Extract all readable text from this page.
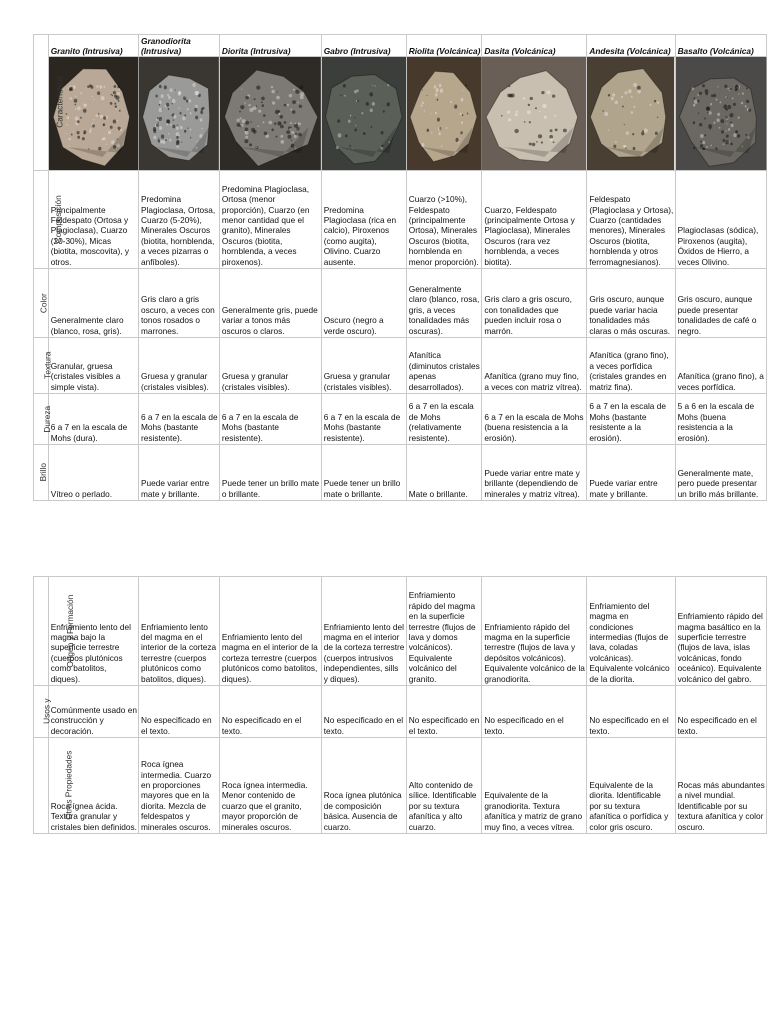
Característica	Granito (Intrusiva)	Granodiorita (Intrusiva)	Diorita (Intrusiva)	Gabro (Intrusiva)	Riolita (Volcánica)	Dasita (Volcánica)	Andesita (Volcánica)	Basalto (Volcánica)

Composición	Principalmente Feldespato (Ortosa y Plagioclasa), Cuarzo (20-30%), Micas (biotita, moscovita), y otros.	Predomina Plagioclasa, Ortosa, Cuarzo (5-20%), Minerales Oscuros (biotita, hornblenda, a veces pizarras o anfíboles).	Predomina Plagioclasa, Ortosa (menor proporción), Cuarzo (en menor cantidad que el granito), Minerales Oscuros (biotita, hornblenda, a veces piroxenos).	Predomina Plagioclasa (rica en calcio), Piroxenos (como augita), Olivino. Cuarzo ausente.	Cuarzo (>10%), Feldespato (principalmente Ortosa), Minerales Oscuros (biotita, hornblenda en menor proporción).	Cuarzo, Feldespato (principalmente Ortosa y Plagioclasa), Minerales Oscuros (rara vez hornblenda, a veces biotita).	Feldespato (Plagioclasa y Ortosa), Cuarzo (cantidades menores), Minerales Oscuros (biotita, hornblenda y otros ferromagnesianos).	Plagioclasas (sódica), Piroxenos (augita), Óxidos de Hierro, a veces Olivino.
Color	Generalmente claro (blanco, rosa, gris).	Gris claro a gris oscuro, a veces con tonos rosados o marrones.	Generalmente gris, puede variar a tonos más oscuros o claros.	Oscuro (negro a verde oscuro).	Generalmente claro (blanco, rosa, gris, a veces tonalidades más oscuras).	Gris claro a gris oscuro, con tonalidades que pueden incluir rosa o marrón.	Gris oscuro, aunque puede variar hacia tonalidades más claras o más oscuras.	Gris oscuro, aunque puede presentar tonalidades de café o negro.
Textura	Granular, gruesa (cristales visibles a simple vista).	Gruesa y granular (cristales visibles).	Gruesa y granular (cristales visibles).	Gruesa y granular (cristales visibles).	Afanítica (diminutos cristales apenas desarrollados).	Afanítica (grano muy fino, a veces con matriz vítrea).	Afanítica (grano fino), a veces porfídica (cristales grandes en matriz fina).	Afanítica (grano fino), a veces porfídica.
Dureza	6 a 7 en la escala de Mohs (dura).	6 a 7 en la escala de Mohs (bastante resistente).	6 a 7 en la escala de Mohs (bastante resistente).	6 a 7 en la escala de Mohs (bastante resistente).	6 a 7 en la escala de Mohs (relativamente resistente).	6 a 7 en la escala de Mohs (buena resistencia a la erosión).	6 a 7 en la escala de Mohs (bastante resistente a la erosión).	5 a 6 en la escala de Mohs (buena resistencia a la erosión).
Brillo	Vítreo o perlado.	Puede variar entre mate y brillante.	Puede tener un brillo mate o brillante.	Puede tener un brillo mate o brillante.	Mate o brillante.	Puede variar entre mate y brillante (dependiendo de minerales y matriz vítrea).	Puede variar entre mate y brillante.	Generalmente mate, pero puede presentar un brillo más brillante.
Origen y Formación	Enfriamiento lento del magma bajo la superficie terrestre (cuerpos plutónicos como batolitos, diques).	Enfriamiento lento del magma en el interior de la corteza terrestre (cuerpos plutónicos como batolitos, diques).	Enfriamiento lento del magma en el interior de la corteza terrestre (cuerpos plutónicos como batolitos, diques).	Enfriamiento lento del magma en el interior de la corteza terrestre (cuerpos intrusivos independientes, sills y diques).	Enfriamiento rápido del magma en la superficie terrestre (flujos de lava y domos volcánicos). Equivalente volcánico del granito.	Enfriamiento rápido del magma en la superficie terrestre (flujos de lava y depósitos volcánicos). Equivalente volcánico de la granodiorita.	Enfriamiento del magma en condiciones intermedias (flujos de lava, coladas volcánicas). Equivalente volcánico de la diorita.	Enfriamiento rápido del magma basáltico en la superficie terrestre (flujos de lava, islas volcánicas, fondo oceánico). Equivalente volcánico del gabro.
Usos y	Comúnmente usado en construcción y decoración.	No especificado en el texto.	No especificado en el texto.	No especificado en el texto.	No especificado en el texto.	No especificado en el texto.	No especificado en el texto.	No especificado en el texto.
Otras Propiedades	Roca ígnea ácida. Textura granular y cristales bien definidos.	Roca ígnea intermedia. Cuarzo en proporciones mayores que en la diorita. Mezcla de feldespatos y minerales oscuros.	Roca ígnea intermedia. Menor contenido de cuarzo que el granito, mayor proporción de minerales oscuros.	Roca ígnea plutónica de composición básica. Ausencia de cuarzo.	Alto contenido de sílice. Identificable por su textura afanítica y alto cuarzo.	Equivalente de la granodiorita. Textura afanítica y matriz de grano muy fino, a veces vítrea.	Equivalente de la diorita. Identificable por su textura afanítica o porfídica y color gris oscuro.	Rocas más abundantes a nivel mundial. Identificable por su textura afanítica y color oscuro.
